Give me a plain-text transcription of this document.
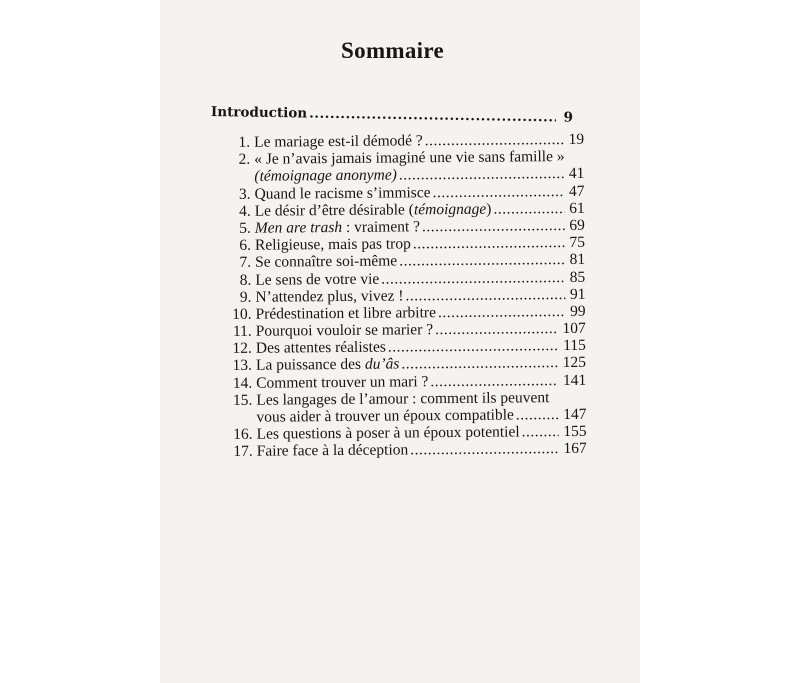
Sommaire
Introduction .....	9
1. Le mariage est-il démodé ? .....	19
2. « Je n’avais jamais imaginé une vie sans famille »
(témoignage anonyme) .....	41
3. Quand le racisme s’immisce .....	47
4. Le désir d’être désirable (témoignage) .....	61
5. Men are trash : vraiment ? .....	69
6. Religieuse, mais pas trop .....	75
7. Se connaître soi-même .....	81
8. Le sens de votre vie .....	85
9. N’attendez plus, vivez ! .....	91
10. Prédestination et libre arbitre .....	99
11. Pourquoi vouloir se marier ? .....	107
12. Des attentes réalistes .....	115
13. La puissance des du’âs .....	125
14. Comment trouver un mari ? .....	141
15. Les langages de l’amour : comment ils peuvent
vous aider à trouver un époux compatible .....	147
16. Les questions à poser à un époux potentiel .....	155
17. Faire face à la déception .....	167
